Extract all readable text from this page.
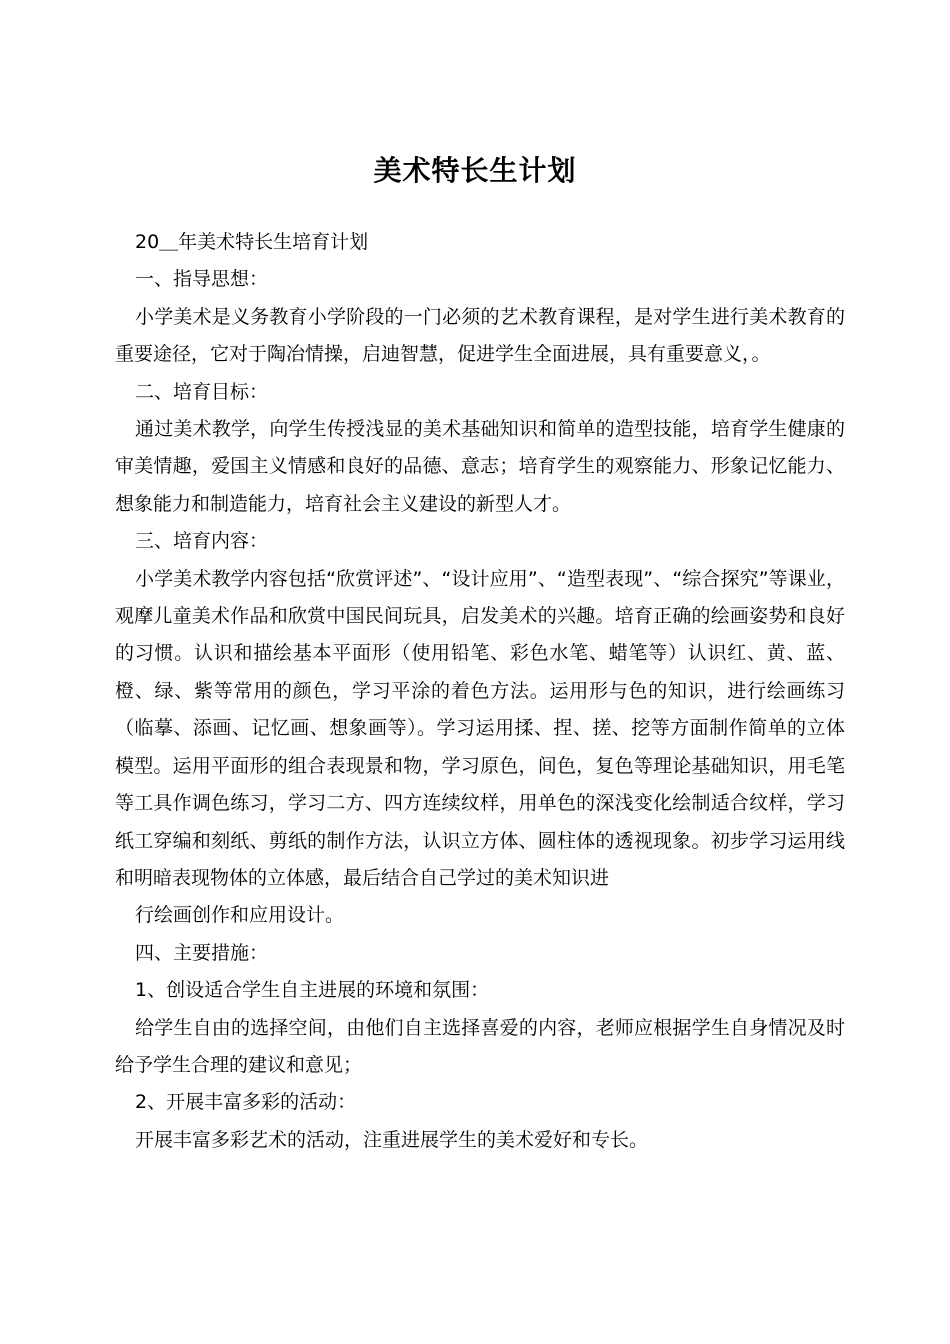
美术特长生计划

20＿年美术特长生培育计划

一、指导思想：

小学美术是义务教育小学阶段的一门必须的艺术教育课程，是对学生进行美术教育的重要途径，它对于陶冶情操，启迪智慧，促进学生全面进展，具有重要意义，。

二、培育目标：

通过美术教学，向学生传授浅显的美术基础知识和简单的造型技能，培育学生健康的审美情趣，爱国主义情感和良好的品德、意志；培育学生的观察能力、形象记忆能力、想象能力和制造能力，培育社会主义建设的新型人才。

三、培育内容：

小学美术教学内容包括“欣赏评述”、“设计应用”、“造型表现”、“综合探究”等课业，观摩儿童美术作品和欣赏中国民间玩具，启发美术的兴趣。培育正确的绘画姿势和良好的习惯。认识和描绘基本平面形（使用铅笔、彩色水笔、蜡笔等）认识红、黄、蓝、橙、绿、紫等常用的颜色，学习平涂的着色方法。运用形与色的知识，进行绘画练习（临摹、添画、记忆画、想象画等）。学习运用揉、捏、搓、挖等方面制作简单的立体模型。运用平面形的组合表现景和物，学习原色，间色，复色等理论基础知识，用毛笔等工具作调色练习，学习二方、四方连续纹样，用单色的深浅变化绘制适合纹样，学习纸工穿编和刻纸、剪纸的制作方法，认识立方体、圆柱体的透视现象。初步学习运用线和明暗表现物体的立体感，最后结合自己学过的美术知识进

行绘画创作和应用设计。

四、主要措施：

1、创设适合学生自主进展的环境和氛围：

给学生自由的选择空间，由他们自主选择喜爱的内容，老师应根据学生自身情况及时给予学生合理的建议和意见；

2、开展丰富多彩的活动：

开展丰富多彩艺术的活动，注重进展学生的美术爱好和专长。
